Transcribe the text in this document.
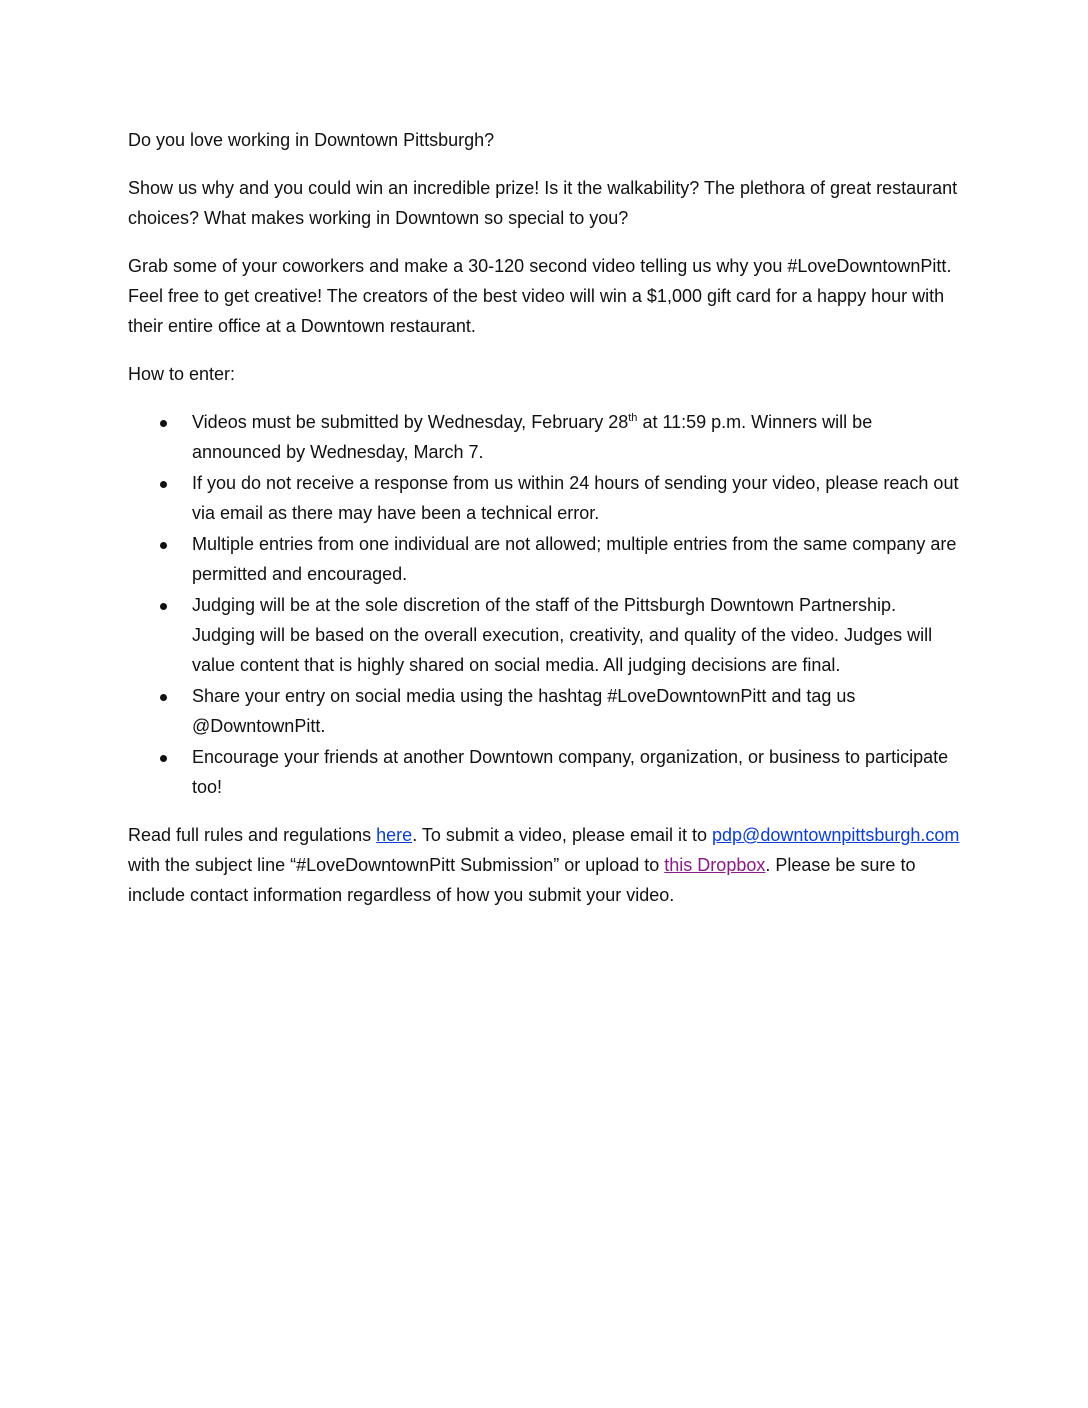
Do you love working in Downtown Pittsburgh?

Show us why and you could win an incredible prize! Is it the walkability? The plethora of great restaurant choices? What makes working in Downtown so special to you?

Grab some of your coworkers and make a 30-120 second video telling us why you #LoveDowntownPitt. Feel free to get creative! The creators of the best video will win a $1,000 gift card for a happy hour with their entire office at a Downtown restaurant.

How to enter:

Videos must be submitted by Wednesday, February 28th at 11:59 p.m. Winners will be announced by Wednesday, March 7.
If you do not receive a response from us within 24 hours of sending your video, please reach out via email as there may have been a technical error.
Multiple entries from one individual are not allowed; multiple entries from the same company are permitted and encouraged.
Judging will be at the sole discretion of the staff of the Pittsburgh Downtown Partnership. Judging will be based on the overall execution, creativity, and quality of the video. Judges will value content that is highly shared on social media. All judging decisions are final.
Share your entry on social media using the hashtag #LoveDowntownPitt and tag us @DowntownPitt.
Encourage your friends at another Downtown company, organization, or business to participate too!

Read full rules and regulations here. To submit a video, please email it to pdp@downtownpittsburgh.com with the subject line “#LoveDowntownPitt Submission” or upload to this Dropbox. Please be sure to include contact information regardless of how you submit your video.
